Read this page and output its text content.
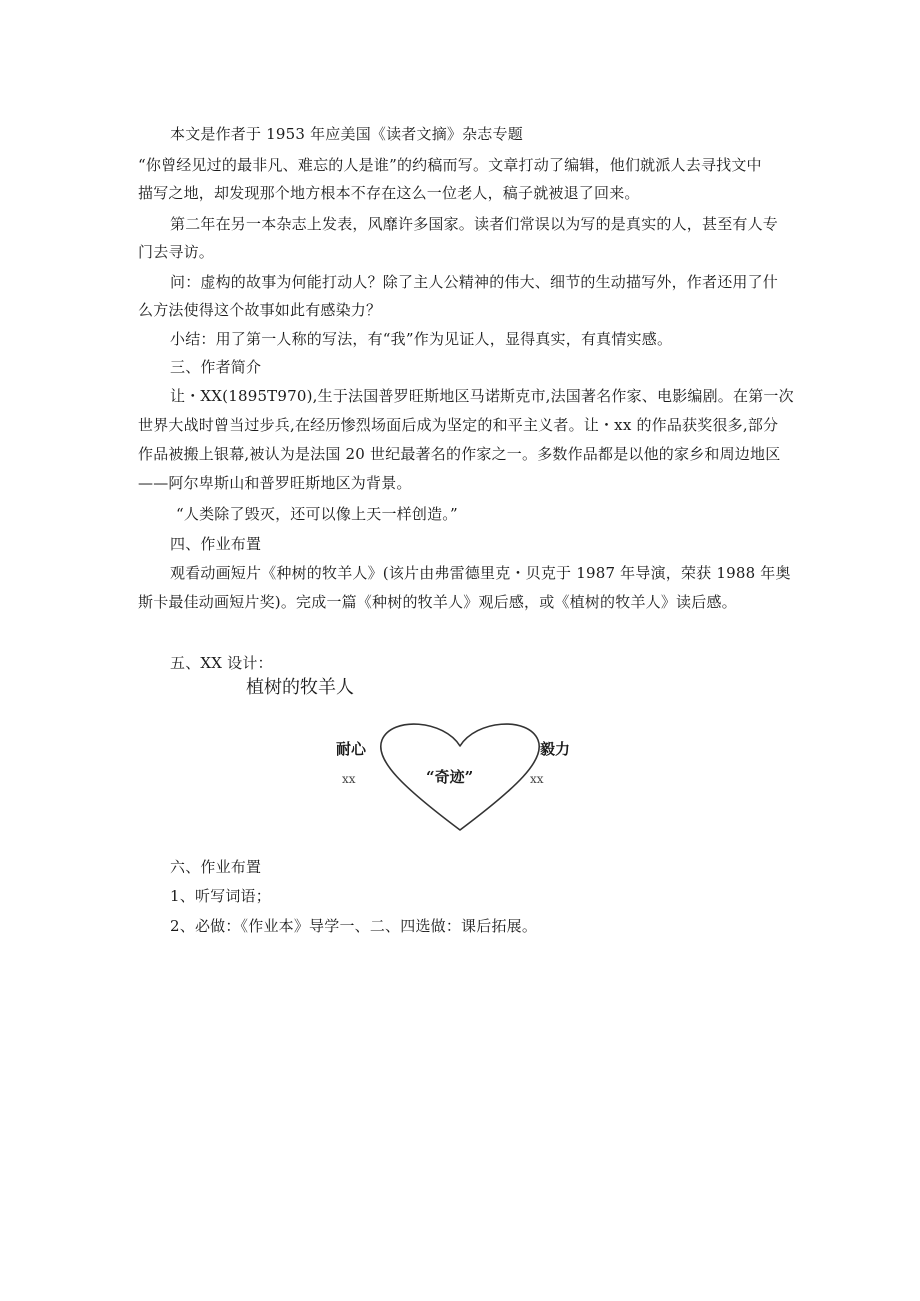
本文是作者于 1953 年应美国《读者文摘》杂志专题
“你曾经见过的最非凡、难忘的人是谁”的约稿而写。文章打动了编辑，他们就派人去寻找文中
描写之地，却发现那个地方根本不存在这么一位老人，稿子就被退了回来。
第二年在另一本杂志上发表，风靡许多国家。读者们常误以为写的是真实的人，甚至有人专
门去寻访。
问：虚构的故事为何能打动人？除了主人公精神的伟大、细节的生动描写外，作者还用了什
么方法使得这个故事如此有感染力？
小结：用了第一人称的写法，有“我”作为见证人，显得真实，有真情实感。
三、作者简介
让・XX(1895T970),生于法国普罗旺斯地区马诺斯克市,法国著名作家、电影编剧。在第一次
世界大战时曾当过步兵,在经历惨烈场面后成为坚定的和平主义者。让・xx 的作品获奖很多,部分
作品被搬上银幕,被认为是法国 20 世纪最著名的作家之一。多数作品都是以他的家乡和周边地区
——阿尔卑斯山和普罗旺斯地区为背景。
“人类除了毁灭，还可以像上天一样创造。”
四、作业布置
观看动画短片《种树的牧羊人》(该片由弗雷德里克・贝克于 1987 年导演，荣获 1988 年奥
斯卡最佳动画短片奖)。完成一篇《种树的牧羊人》观后感，或《植树的牧羊人》读后感。
五、XX 设计：
植树的牧羊人
耐心
xx	“奇迹”
毅力
xx
六、作业布置
1、听写词语；
2、必做：《作业本》导学一、二、四选做：课后拓展。
